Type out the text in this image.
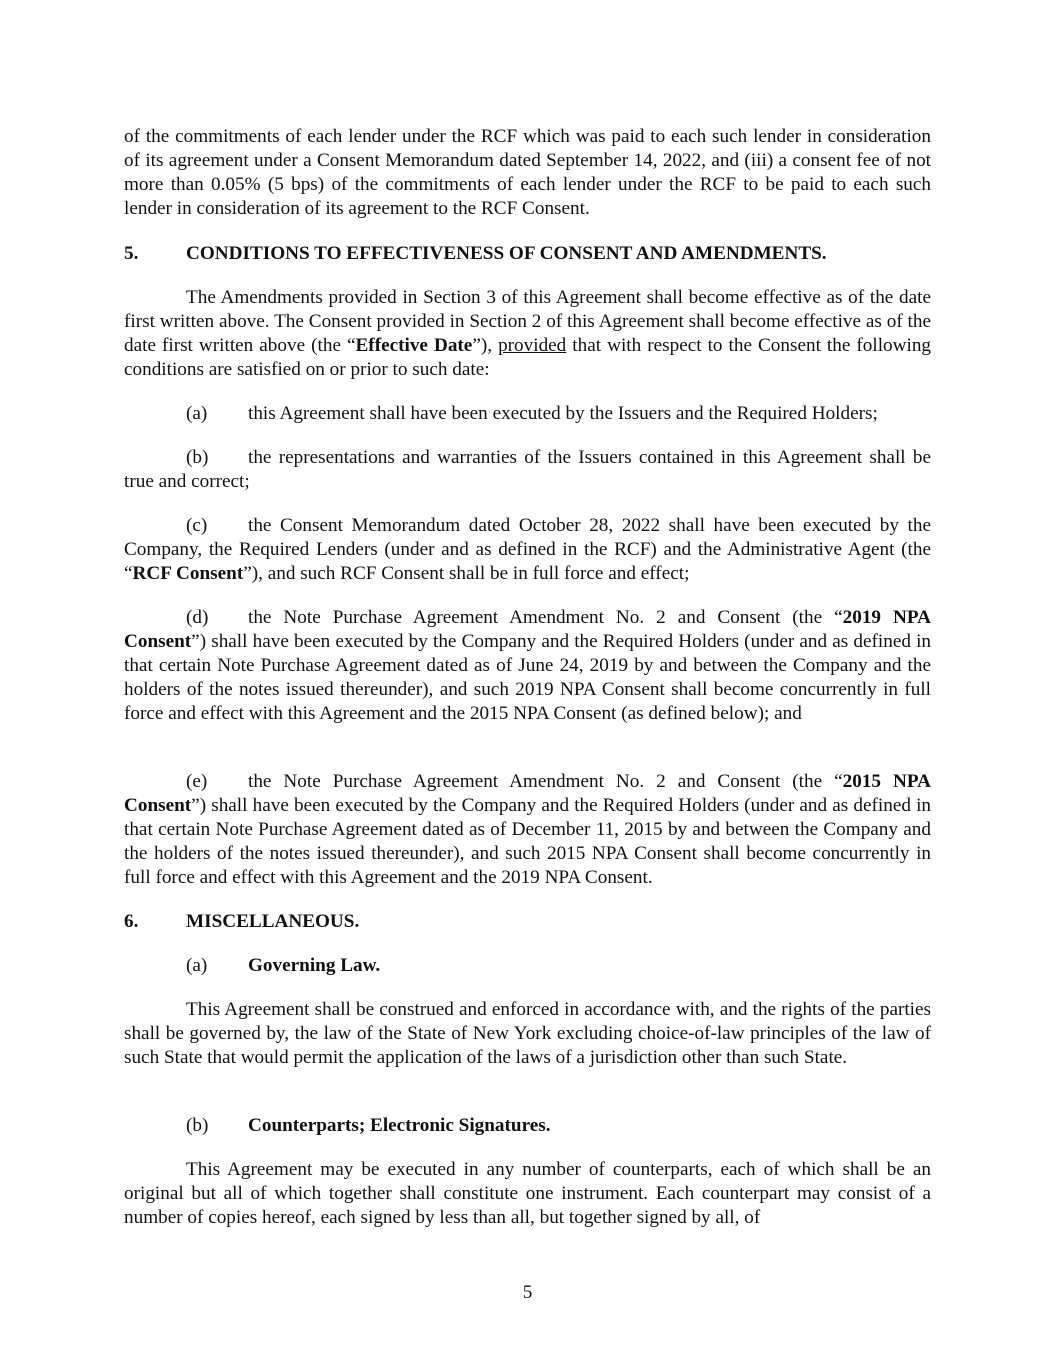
of the commitments of each lender under the RCF which was paid to each such lender in consideration of its agreement under a Consent Memorandum dated September 14, 2022, and (iii) a consent fee of not more than 0.05% (5 bps) of the commitments of each lender under the RCF to be paid to each such lender in consideration of its agreement to the RCF Consent.

5. CONDITIONS TO EFFECTIVENESS OF CONSENT AND AMENDMENTS.

The Amendments provided in Section 3 of this Agreement shall become effective as of the date first written above. The Consent provided in Section 2 of this Agreement shall become effective as of the date first written above (the “Effective Date”), provided that with respect to the Consent the following conditions are satisfied on or prior to such date:

(a) this Agreement shall have been executed by the Issuers and the Required Holders;

(b) the representations and warranties of the Issuers contained in this Agreement shall be true and correct;

(c) the Consent Memorandum dated October 28, 2022 shall have been executed by the Company, the Required Lenders (under and as defined in the RCF) and the Administrative Agent (the “RCF Consent”), and such RCF Consent shall be in full force and effect;

(d) the Note Purchase Agreement Amendment No. 2 and Consent (the “2019 NPA Consent”) shall have been executed by the Company and the Required Holders (under and as defined in that certain Note Purchase Agreement dated as of June 24, 2019 by and between the Company and the holders of the notes issued thereunder), and such 2019 NPA Consent shall become concurrently in full force and effect with this Agreement and the 2015 NPA Consent (as defined below); and

(e) the Note Purchase Agreement Amendment No. 2 and Consent (the “2015 NPA Consent”) shall have been executed by the Company and the Required Holders (under and as defined in that certain Note Purchase Agreement dated as of December 11, 2015 by and between the Company and the holders of the notes issued thereunder), and such 2015 NPA Consent shall become concurrently in full force and effect with this Agreement and the 2019 NPA Consent.

6. MISCELLANEOUS.
(a) Governing Law.

This Agreement shall be construed and enforced in accordance with, and the rights of the parties shall be governed by, the law of the State of New York excluding choice-of-law principles of the law of such State that would permit the application of the laws of a jurisdiction other than such State.

(b) Counterparts; Electronic Signatures.

This Agreement may be executed in any number of counterparts, each of which shall be an original but all of which together shall constitute one instrument. Each counterpart may consist of a number of copies hereof, each signed by less than all, but together signed by all, of

5
